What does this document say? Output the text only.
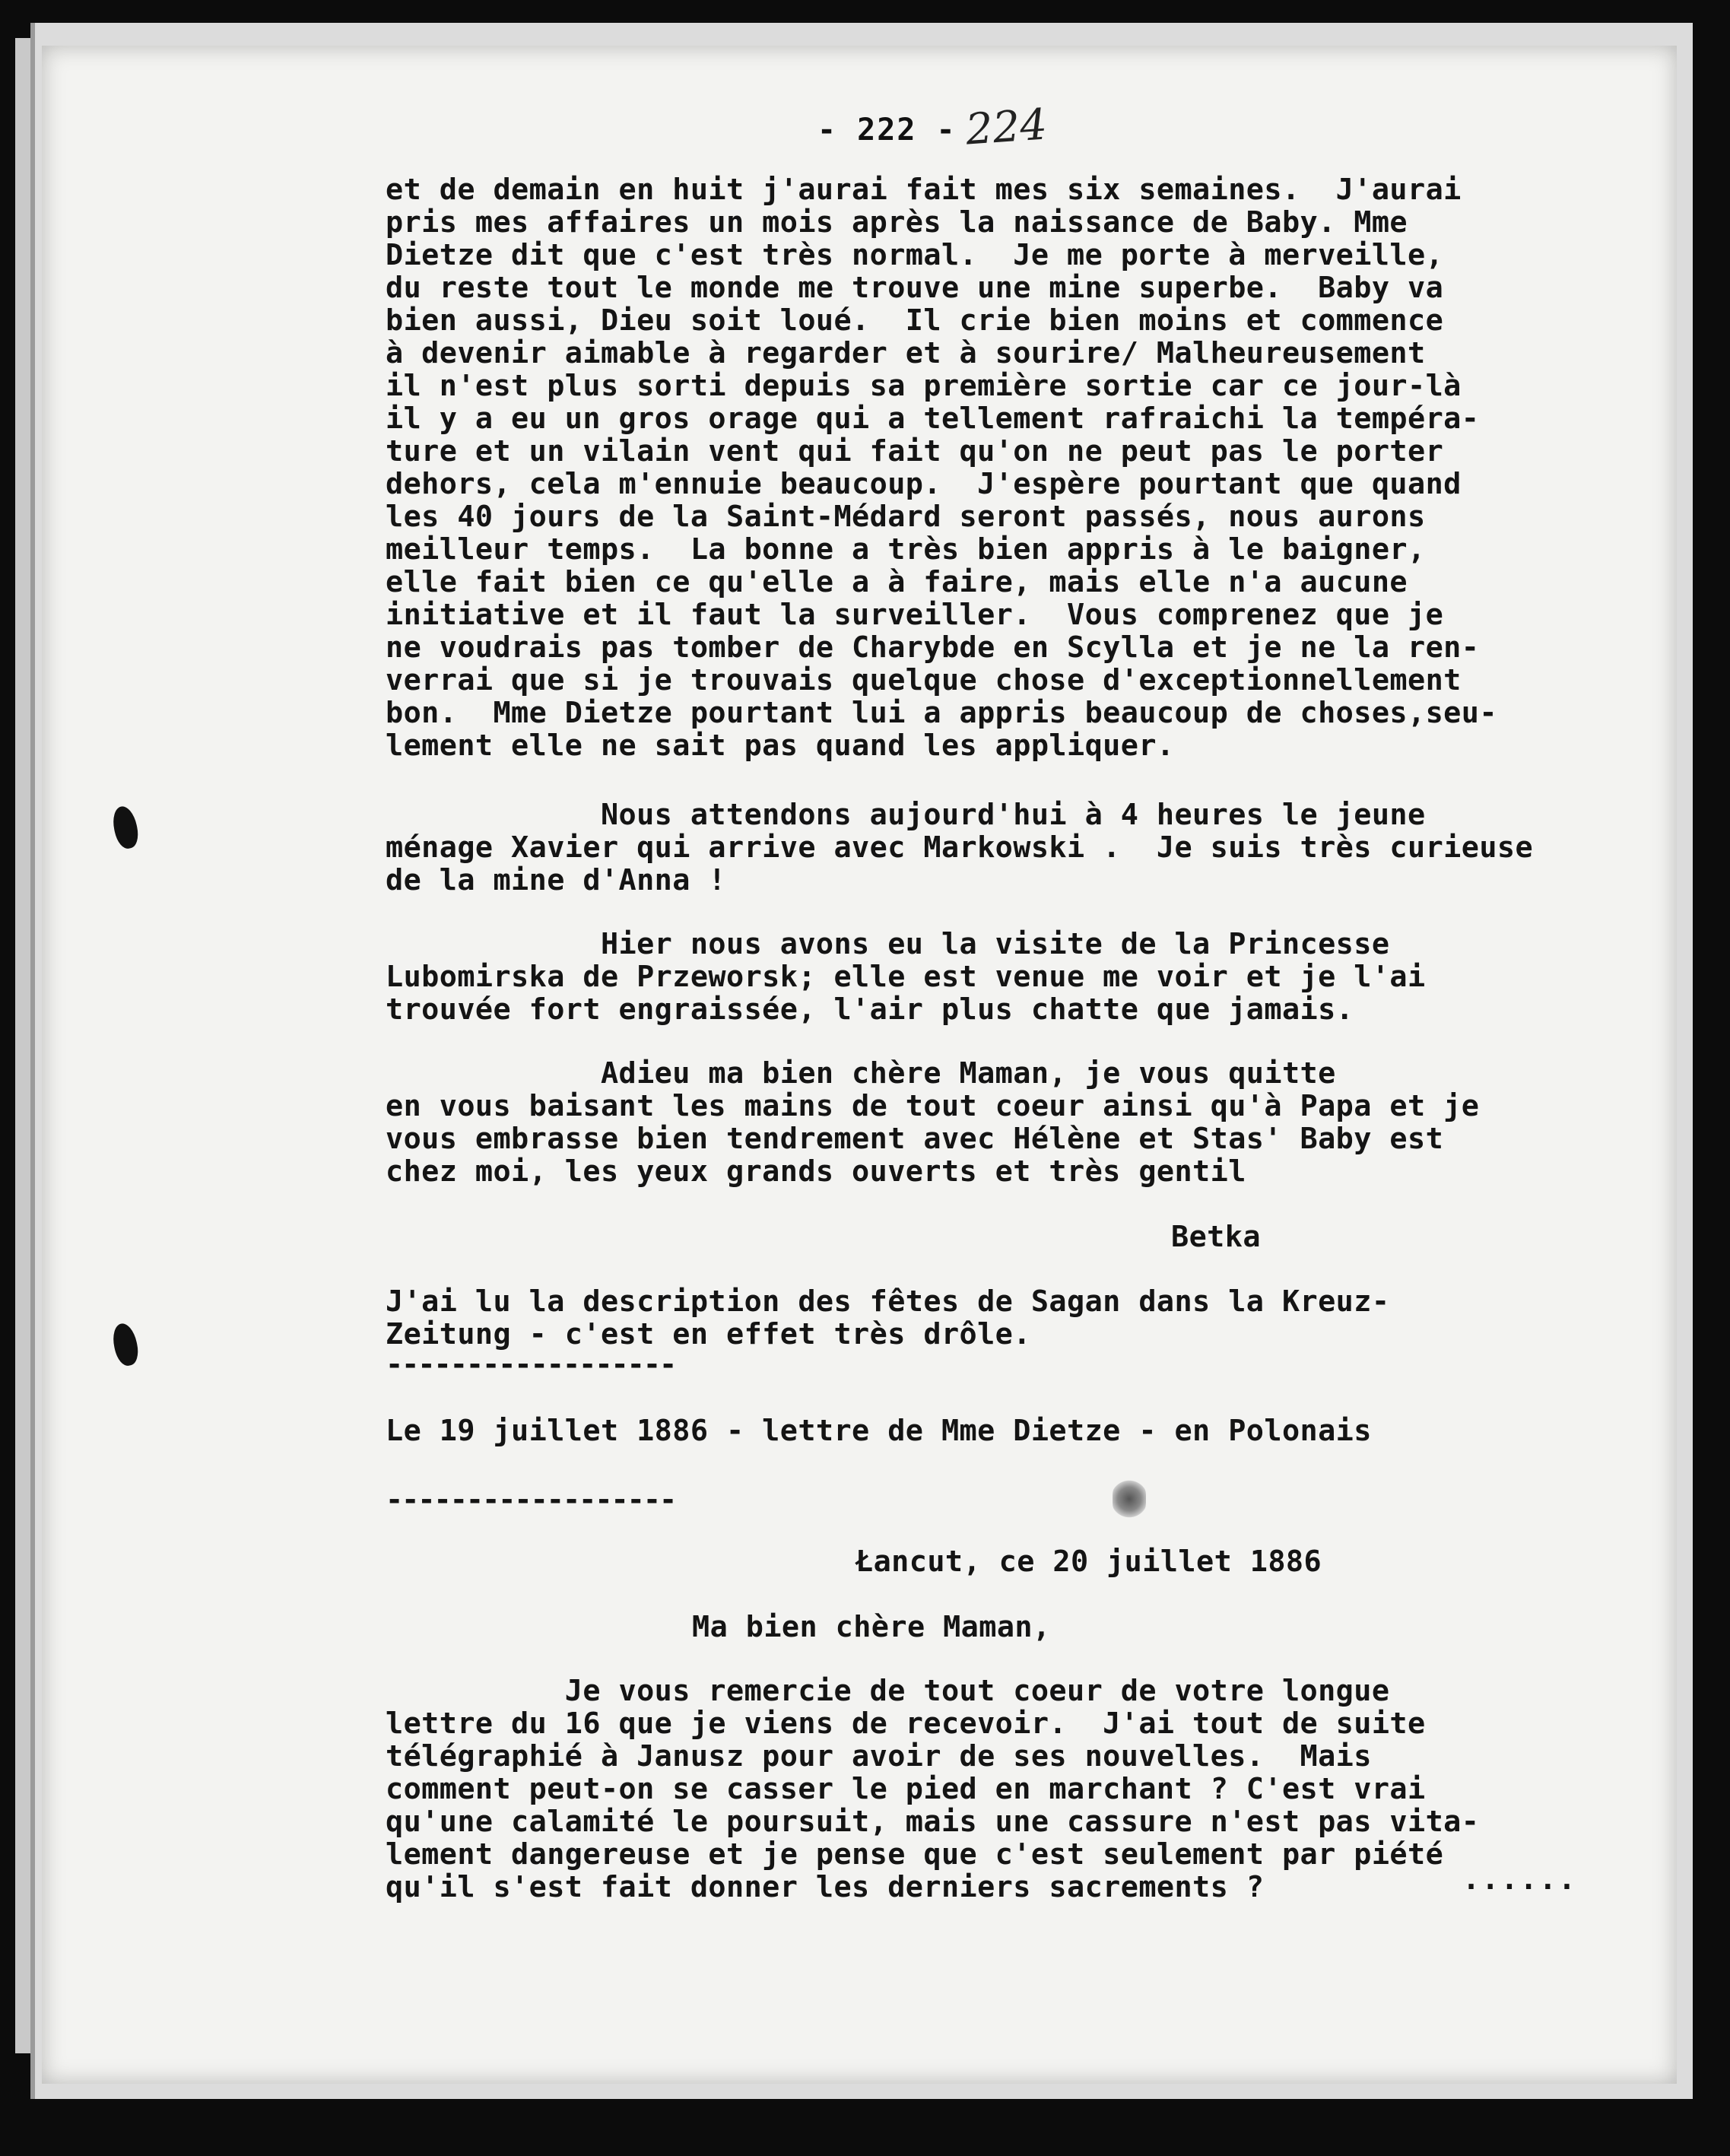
- 222 - 224
et de demain en huit j'aurai fait mes six semaines.  J'aurai
pris mes affaires un mois après la naissance de Baby. Mme
Dietze dit que c'est très normal.  Je me porte à merveille,
du reste tout le monde me trouve une mine superbe.  Baby va
bien aussi, Dieu soit loué.  Il crie bien moins et commence
à devenir aimable à regarder et à sourire/ Malheureusement
il n'est plus sorti depuis sa première sortie car ce jour-là
il y a eu un gros orage qui a tellement rafraichi la tempéra-
ture et un vilain vent qui fait qu'on ne peut pas le porter
dehors, cela m'ennuie beaucoup.  J'espère pourtant que quand
les 40 jours de la Saint-Médard seront passés, nous aurons
meilleur temps.  La bonne a très bien appris à le baigner,
elle fait bien ce qu'elle a à faire, mais elle n'a aucune
initiative et il faut la surveiller.  Vous comprenez que je
ne voudrais pas tomber de Charybde en Scylla et je ne la ren-
verrai que si je trouvais quelque chose d'exceptionnellement
bon.  Mme Dietze pourtant lui a appris beaucoup de choses,seu-
lement elle ne sait pas quand les appliquer.
Nous attendons aujourd'hui à 4 heures le jeune
ménage Xavier qui arrive avec Markowski .  Je suis très curieuse
de la mine d'Anna !
Hier nous avons eu la visite de la Princesse
Lubomirska de Przeworsk; elle est venue me voir et je l'ai
trouvée fort engraissée, l'air plus chatte que jamais.
Adieu ma bien chère Maman, je vous quitte
en vous baisant les mains de tout coeur ainsi qu'à Papa et je
vous embrasse bien tendrement avec Hélène et Stas' Baby est
chez moi, les yeux grands ouverts et très gentil
Betka
J'ai lu la description des fêtes de Sagan dans la Kreuz-
Zeitung - c'est en effet très drôle.
------------------
Le 19 juillet 1886 - lettre de Mme Dietze - en Polonais
------------------
Łancut, ce 20 juillet 1886
Ma bien chère Maman,
Je vous remercie de tout coeur de votre longue
lettre du 16 que je viens de recevoir.  J'ai tout de suite
télégraphié à Janusz pour avoir de ses nouvelles.  Mais
comment peut-on se casser le pied en marchant ? C'est vrai
qu'une calamité le poursuit, mais une cassure n'est pas vita-
lement dangereuse et je pense que c'est seulement par piété
qu'il s'est fait donner les derniers sacrements ?	......
